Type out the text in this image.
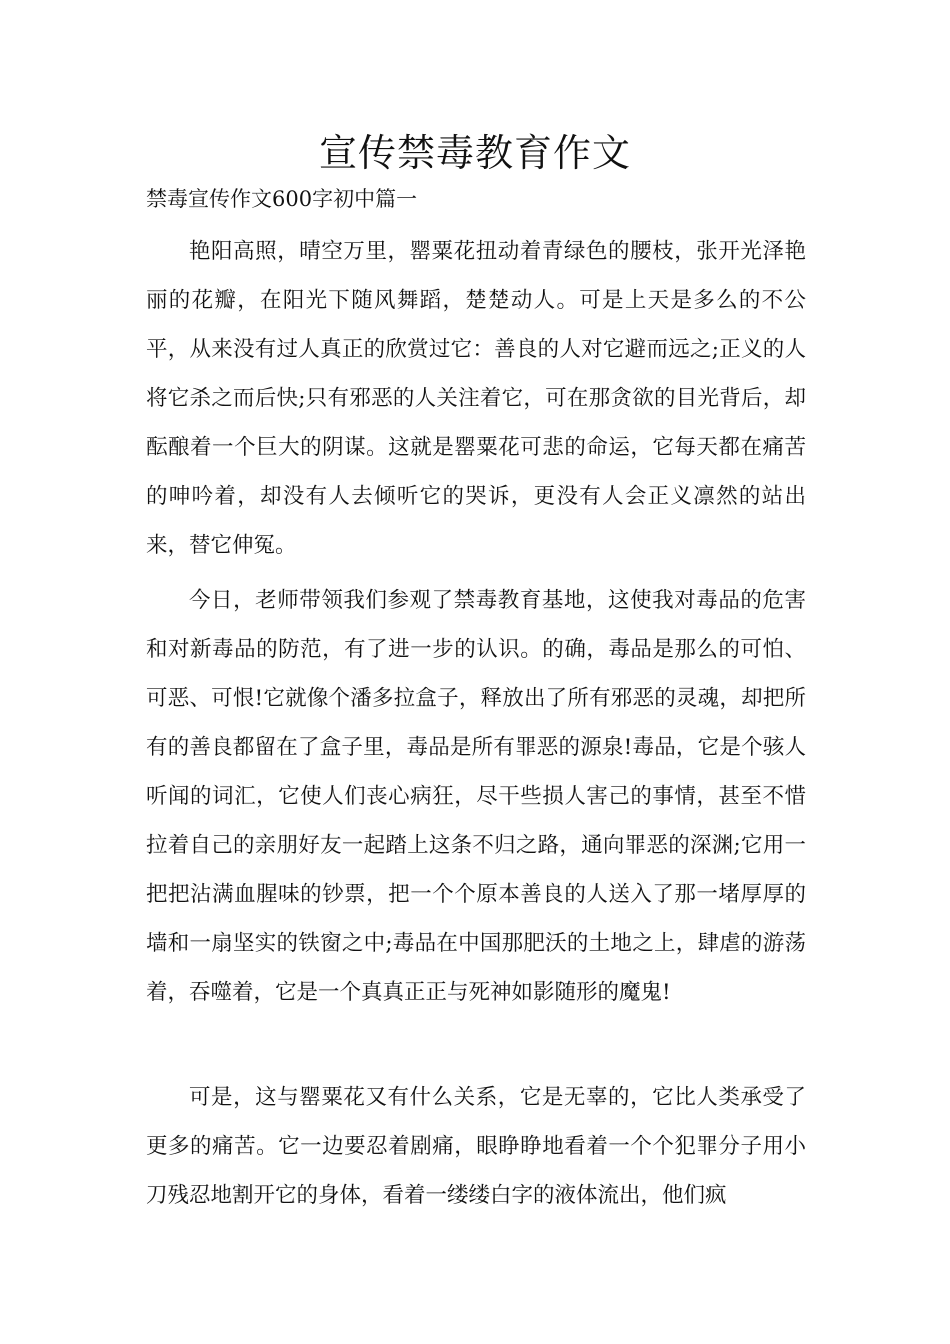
宣传禁毒教育作文

禁毒宣传作文600字初中篇一

艳阳高照，晴空万里，罂粟花扭动着青绿色的腰枝，张开光泽艳丽的花瓣，在阳光下随风舞蹈，楚楚动人。可是上天是多么的不公平，从来没有过人真正的欣赏过它：善良的人对它避而远之;正义的人将它杀之而后快;只有邪恶的人关注着它，可在那贪欲的目光背后，却酝酿着一个巨大的阴谋。这就是罂粟花可悲的命运，它每天都在痛苦的呻吟着，却没有人去倾听它的哭诉，更没有人会正义凛然的站出来，替它伸冤。

今日，老师带领我们参观了禁毒教育基地，这使我对毒品的危害和对新毒品的防范，有了进一步的认识。的确，毒品是那么的可怕、可恶、可恨!它就像个潘多拉盒子，释放出了所有邪恶的灵魂，却把所有的善良都留在了盒子里，毒品是所有罪恶的源泉!毒品，它是个骇人听闻的词汇，它使人们丧心病狂，尽干些损人害己的事情，甚至不惜拉着自己的亲朋好友一起踏上这条不归之路，通向罪恶的深渊;它用一把把沾满血腥味的钞票，把一个个原本善良的人送入了那一堵厚厚的墙和一扇坚实的铁窗之中;毒品在中国那肥沃的土地之上，肆虐的游荡着，吞噬着，它是一个真真正正与死神如影随形的魔鬼!

可是，这与罂粟花又有什么关系，它是无辜的，它比人类承受了更多的痛苦。它一边要忍着剧痛，眼睁睁地看着一个个犯罪分子用小刀残忍地割开它的身体，看着一缕缕白字的液体流出，他们疯
